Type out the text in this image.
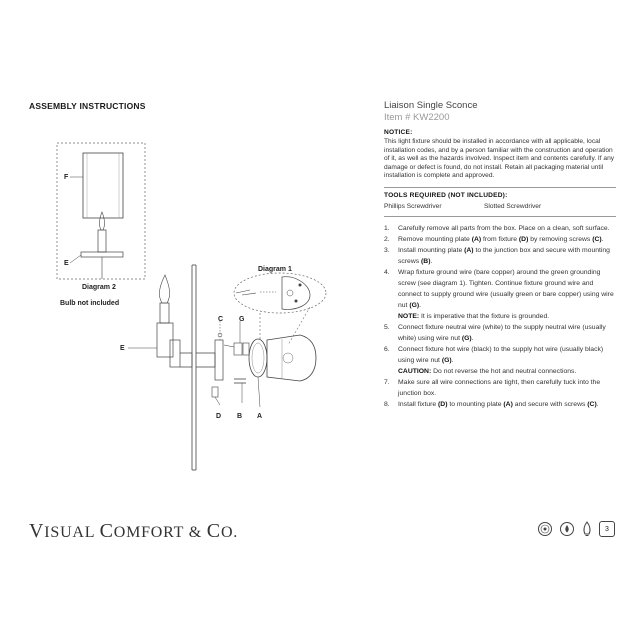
ASSEMBLY INSTRUCTIONS
F
E
Diagram 2
Bulb not included
E
C G
B
D	A
Diagram 1
Liaison Single Sconce
Item # KW2200
NOTICE:
This light fixture should be installed in accordance with all applicable, local installation codes, and by a person familiar with the construction and operation of it, as well as the hazards involved. Inspect item and contents carefully. If any damage or defect is found, do not install. Retain all packaging material until installation is complete and approved.
TOOLS REQUIRED (NOT INCLUDED):
Phillips Screwdriver	Slotted Screwdriver
1.	Carefully remove all parts from the box. Place on a clean, soft surface.
2.	Remove mounting plate (A) from fixture (D) by removing screws (C).
3.	Install mounting plate (A) to the junction box and secure with mounting screws (B).
4.	Wrap fixture ground wire (bare copper) around the green grounding screw (see diagram 1). Tighten. Continue fixture ground wire and connect to supply ground wire (usually green or bare copper) using wire nut (G).
NOTE: It is imperative that the fixture is grounded.
5.	Connect fixture neutral wire (white) to the supply neutral wire (usually white) using wire nut (G).
6.	Connect fixture hot wire (black) to the supply hot wire (usually black) using wire nut (G).
CAUTION: Do not reverse the hot and neutral connections.
7.	Make sure all wire connections are tight, then carefully tuck into the junction box.
8.	Install fixture (D) to mounting plate (A) and secure with screws (C).
VISUAL COMFORT & CO.	3
